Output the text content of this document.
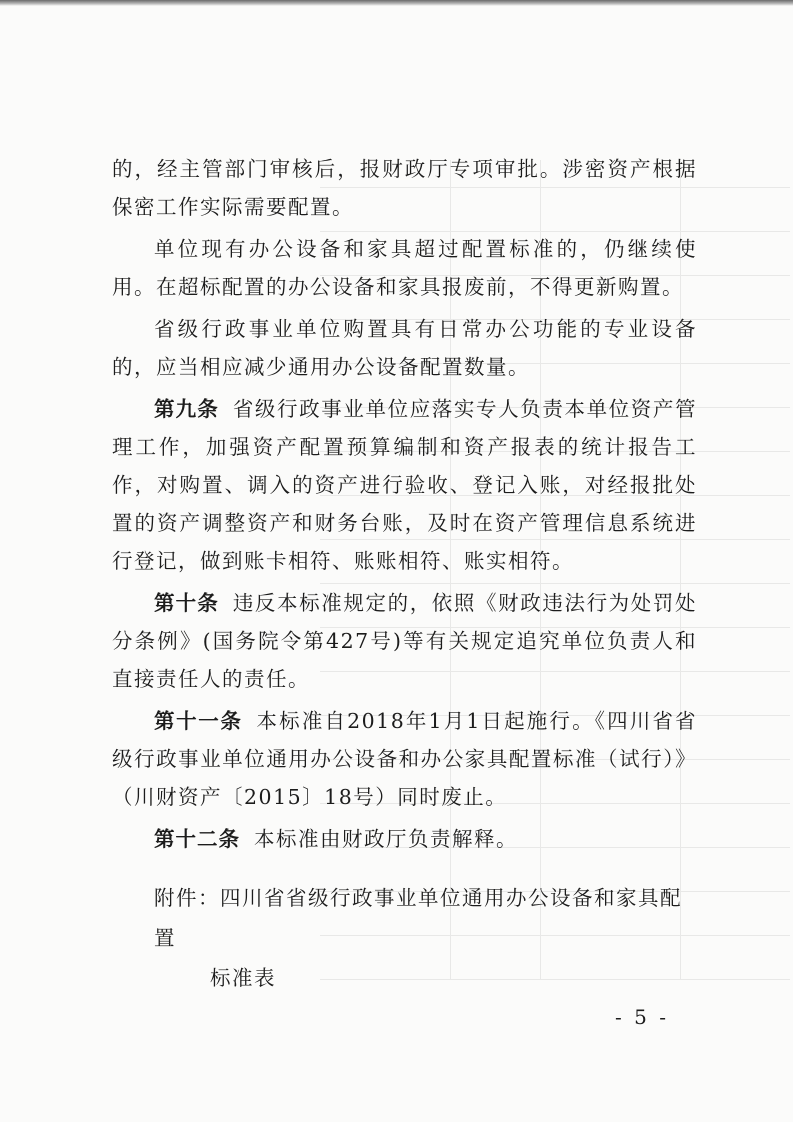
的，经主管部门审核后，报财政厅专项审批。涉密资产根据保密工作实际需要配置。

单位现有办公设备和家具超过配置标准的，仍继续使用。在超标配置的办公设备和家具报废前，不得更新购置。

省级行政事业单位购置具有日常办公功能的专业设备的，应当相应减少通用办公设备配置数量。

第九条 省级行政事业单位应落实专人负责本单位资产管理工作，加强资产配置预算编制和资产报表的统计报告工作，对购置、调入的资产进行验收、登记入账，对经报批处置的资产调整资产和财务台账，及时在资产管理信息系统进行登记，做到账卡相符、账账相符、账实相符。

第十条 违反本标准规定的，依照《财政违法行为处罚处分条例》(国务院令第427号)等有关规定追究单位负责人和直接责任人的责任。

第十一条 本标准自2018年1月1日起施行。《四川省省级行政事业单位通用办公设备和办公家具配置标准（试行）》（川财资产〔2015〕18号）同时废止。

第十二条 本标准由财政厅负责解释。

附件：四川省省级行政事业单位通用办公设备和家具配置
标准表
- 5 -
